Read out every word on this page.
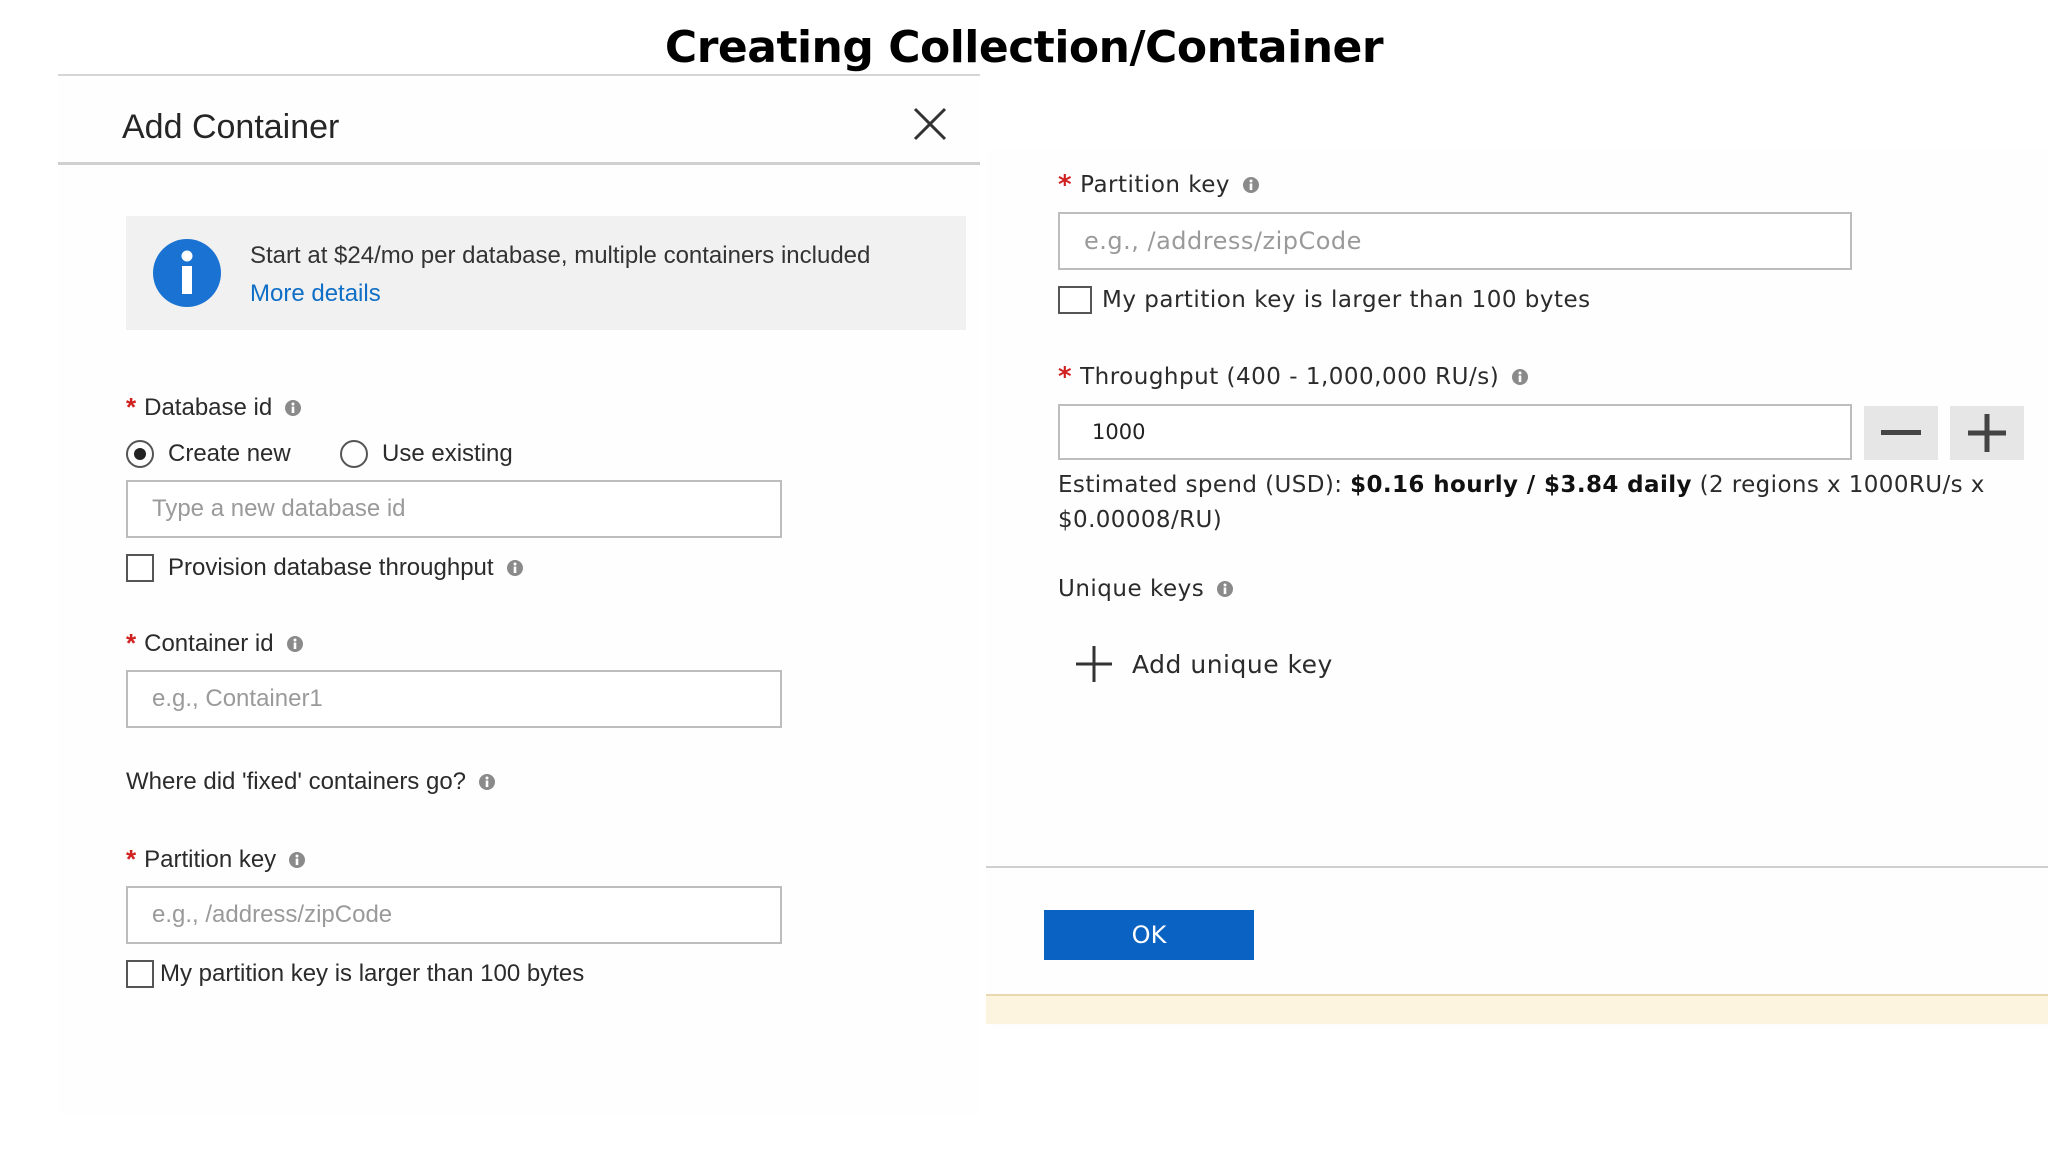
Creating Collection/Container
Add Container
Start at $24/mo per database, multiple containers included
More details
* Database id
Create new	Use existing
Type a new database id
Provision database throughput
* Container id
e.g., Container1
Where did 'fixed' containers go?
* Partition key
e.g., /address/zipCode
My partition key is larger than 100 bytes
* Partition key
e.g., /address/zipCode
My partition key is larger than 100 bytes
* Throughput (400 - 1,000,000 RU/s)
1000
Estimated spend (USD): $0.16 hourly / $3.84 daily (2 regions x 1000RU/s x $0.00008/RU)
Unique keys
Add unique key
OK
